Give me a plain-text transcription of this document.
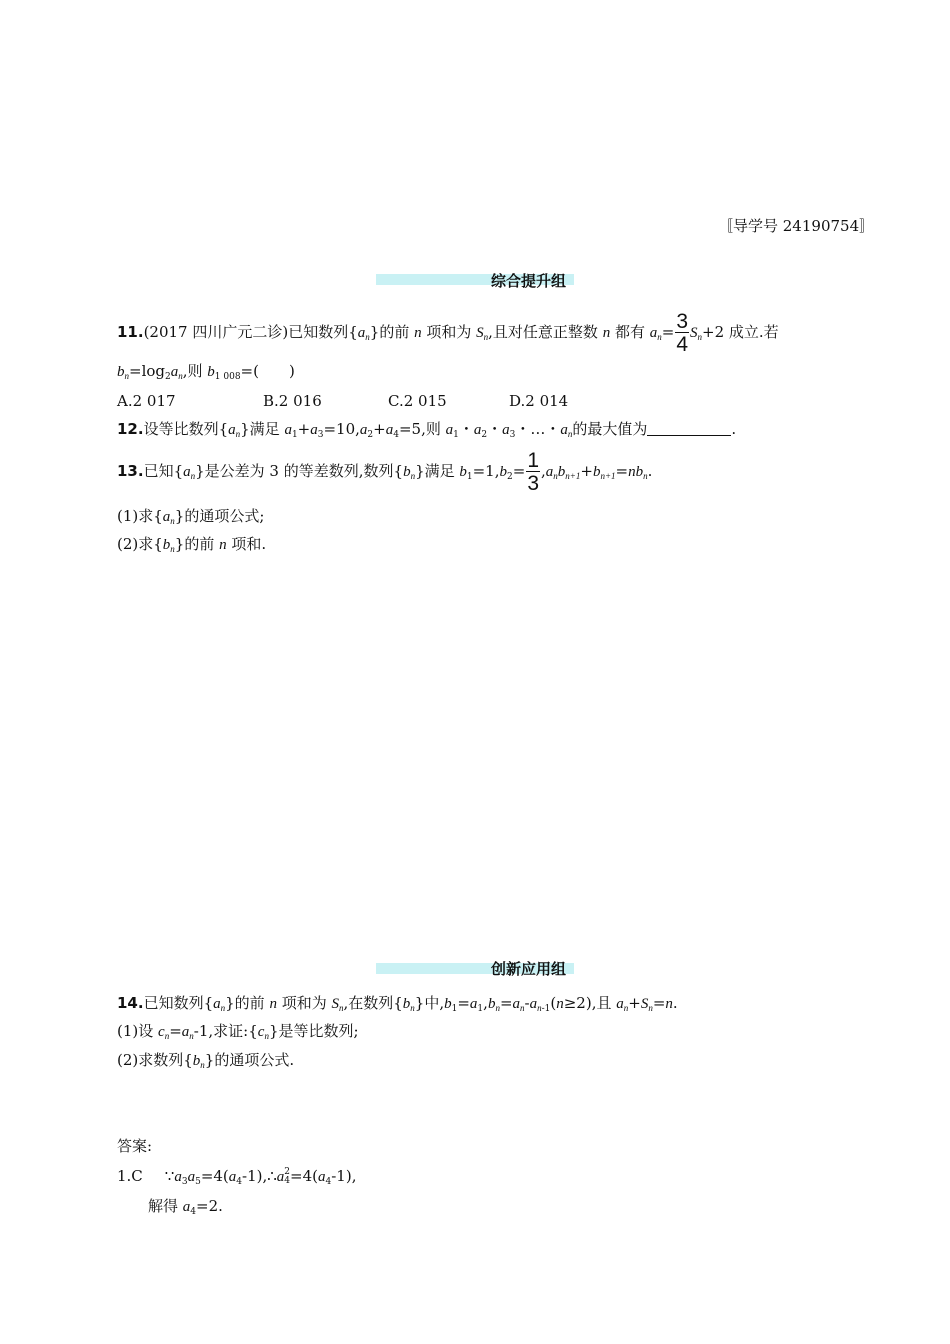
〚导学号 24190754〛
综合提升组
11.(2017 四川广元二诊)已知数列$\{a_n\}$的前 n 项和为 $S_n$,且对任意正整数 n 都有 $a_n= \frac{3}{4} S_n+2$ 成立.若
$b_n=\log_2a_n$,则 $b_{1 008}=$(　　)
A.2 017	B.2 016	C.2 015	D.2 014
12.设等比数列$\{a_n\}$满足 $a_1+a_3=10,a_2+a_4=5$,则 $a_1$・$a_2$・$a_3$・…・$a_n$的最大值为	.
13.已知$\{a_n\}$是公差为 3 的等差数列,数列$\{b_n\}$满足 $b_1=1,b_2= \frac{1}{3} ,a_nb_{n+1}+b_{n+1}=nb_n$.
(1)求$\{a_n\}$的通项公式;
(2)求$\{b_n\}$的前 n 项和.
创新应用组
14.已知数列$\{a_n\}$的前 n 项和为 $S_n$,在数列$\{b_n\}$中$,b_1=a_1,b_n=a_n-a_{n-1}(n\ge 2)$,且 $a_n+S_n=n$.
(1)设 $c_n=a_n-1$,求证$:\{c_n\}$是等比数列;
(2)求数列$\{b_n\}$的通项公式.
答案:
1.C $\because a_3a_5=4(a_4-1),\therefore a$ 2
$4 =4(a_4-1)$,
解得 $a_4=2$.
